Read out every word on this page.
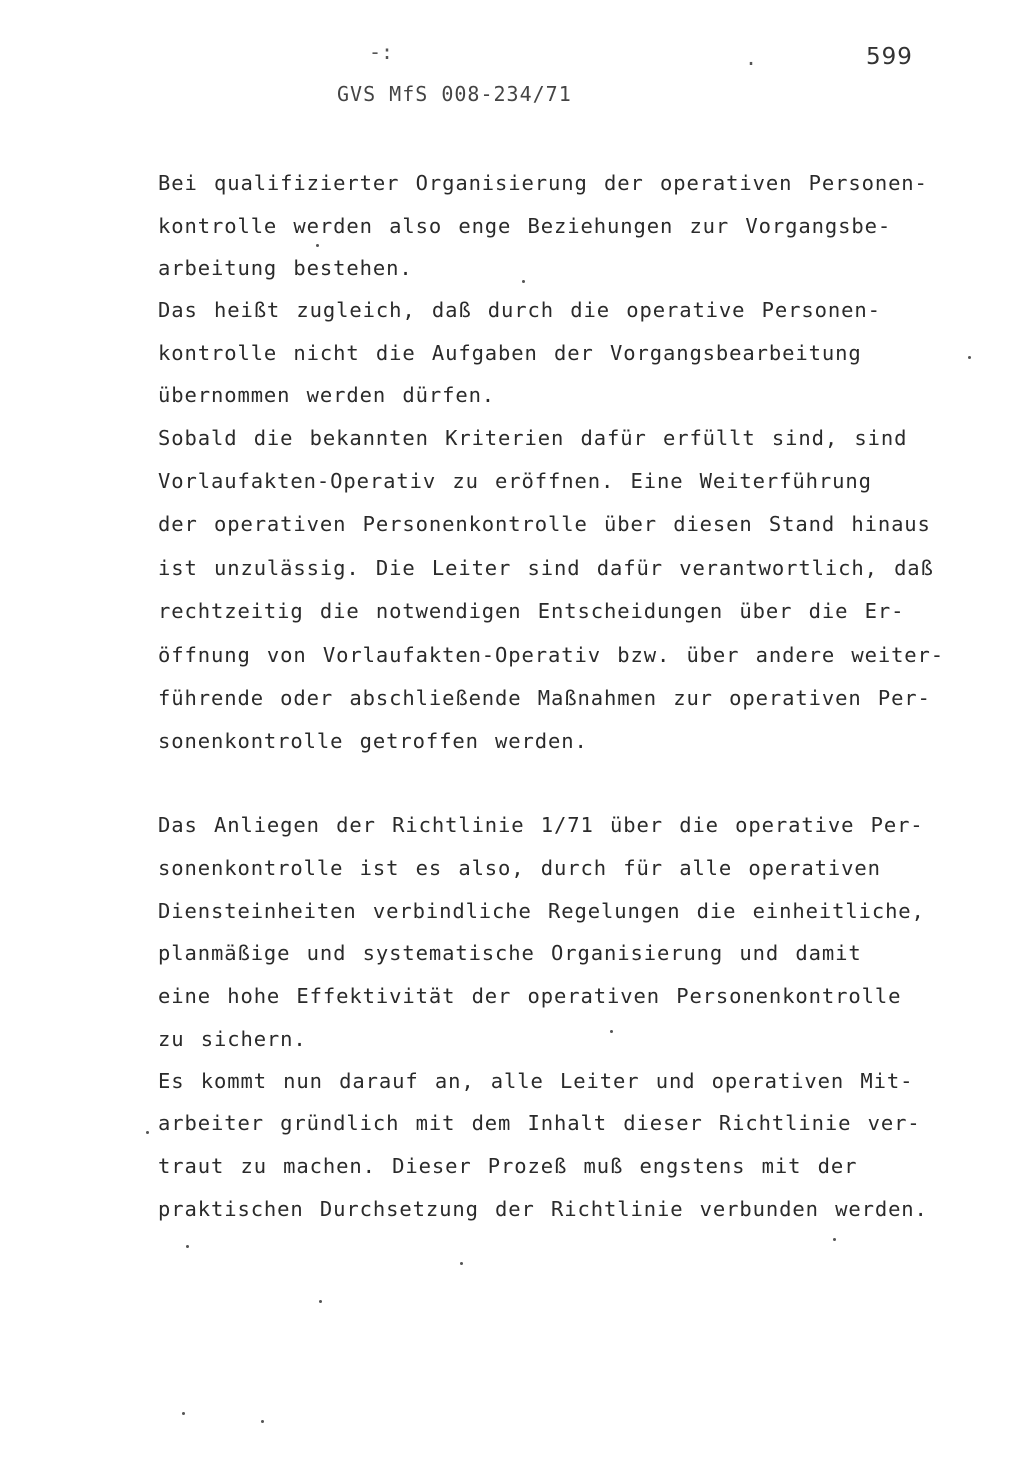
-:	.	599
GVS MfS 008-234/71
Bei qualifizierter Organisierung der operativen Personen-
kontrolle werden also enge Beziehungen zur Vorgangsbe-
arbeitung bestehen.
Das heißt zugleich, daß durch die operative Personen-
kontrolle nicht die Aufgaben der Vorgangsbearbeitung
übernommen werden dürfen.
Sobald die bekannten Kriterien dafür erfüllt sind, sind
Vorlaufakten-Operativ zu eröffnen. Eine Weiterführung
der operativen Personenkontrolle über diesen Stand hinaus
ist unzulässig. Die Leiter sind dafür verantwortlich, daß
rechtzeitig die notwendigen Entscheidungen über die Er-
öffnung von Vorlaufakten-Operativ bzw. über andere weiter-
führende oder abschließende Maßnahmen zur operativen Per-
sonenkontrolle getroffen werden.
Das Anliegen der Richtlinie 1/71 über die operative Per-
sonenkontrolle ist es also, durch für alle operativen
Diensteinheiten verbindliche Regelungen die einheitliche,
planmäßige und systematische Organisierung und damit
eine hohe Effektivität der operativen Personenkontrolle
zu sichern.
Es kommt nun darauf an, alle Leiter und operativen Mit-
arbeiter gründlich mit dem Inhalt dieser Richtlinie ver-
traut zu machen. Dieser Prozeß muß engstens mit der
praktischen Durchsetzung der Richtlinie verbunden werden.
